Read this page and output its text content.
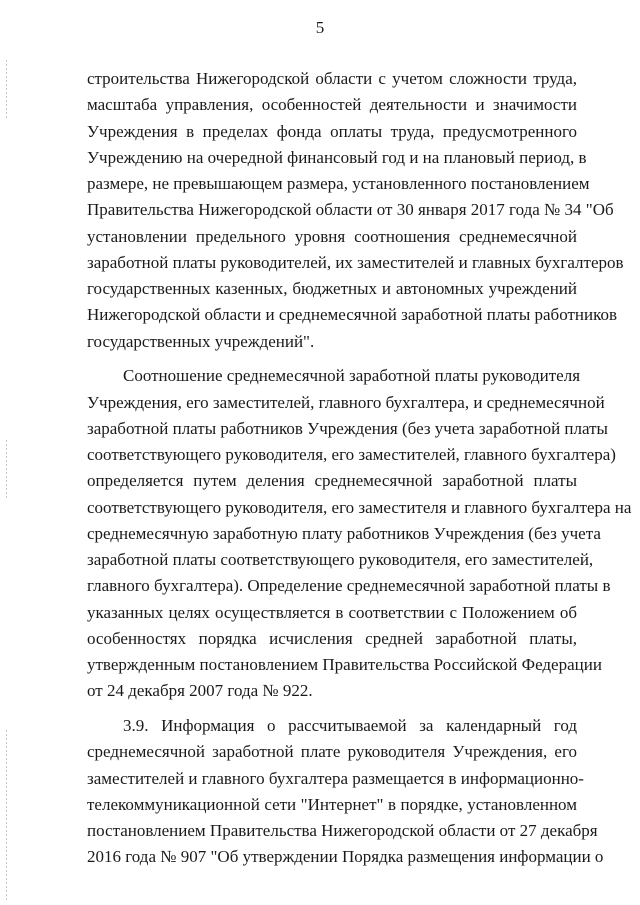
5
строительства Нижегородской области с учетом сложности труда,
масштаба управления, особенностей деятельности и значимости
Учреждения в пределах фонда оплаты труда, предусмотренного
Учреждению на очередной финансовый год и на плановый период, в
размере, не превышающем размера, установленного постановлением
Правительства Нижегородской области от 30 января 2017 года № 34 "Об
установлении предельного уровня соотношения среднемесячной
заработной платы руководителей, их заместителей и главных бухгалтеров
государственных казенных, бюджетных и автономных учреждений
Нижегородской области и среднемесячной заработной платы работников
государственных учреждений".
Соотношение среднемесячной заработной платы руководителя
Учреждения, его заместителей, главного бухгалтера, и среднемесячной
заработной платы работников Учреждения (без учета заработной платы
соответствующего руководителя, его заместителей, главного бухгалтера)
определяется путем деления среднемесячной заработной платы
соответствующего руководителя, его заместителя и главного бухгалтера на
среднемесячную заработную плату работников Учреждения (без учета
заработной платы соответствующего руководителя, его заместителей,
главного бухгалтера). Определение среднемесячной заработной платы в
указанных целях осуществляется в соответствии с Положением об
особенностях порядка исчисления средней заработной платы,
утвержденным постановлением Правительства Российской Федерации
от 24 декабря 2007 года № 922.
3.9. Информация о рассчитываемой за календарный год
среднемесячной заработной плате руководителя Учреждения, его
заместителей и главного бухгалтера размещается в информационно-
телекоммуникационной сети "Интернет" в порядке, установленном
постановлением Правительства Нижегородской области от 27 декабря
2016 года № 907 "Об утверждении Порядка размещения информации о
